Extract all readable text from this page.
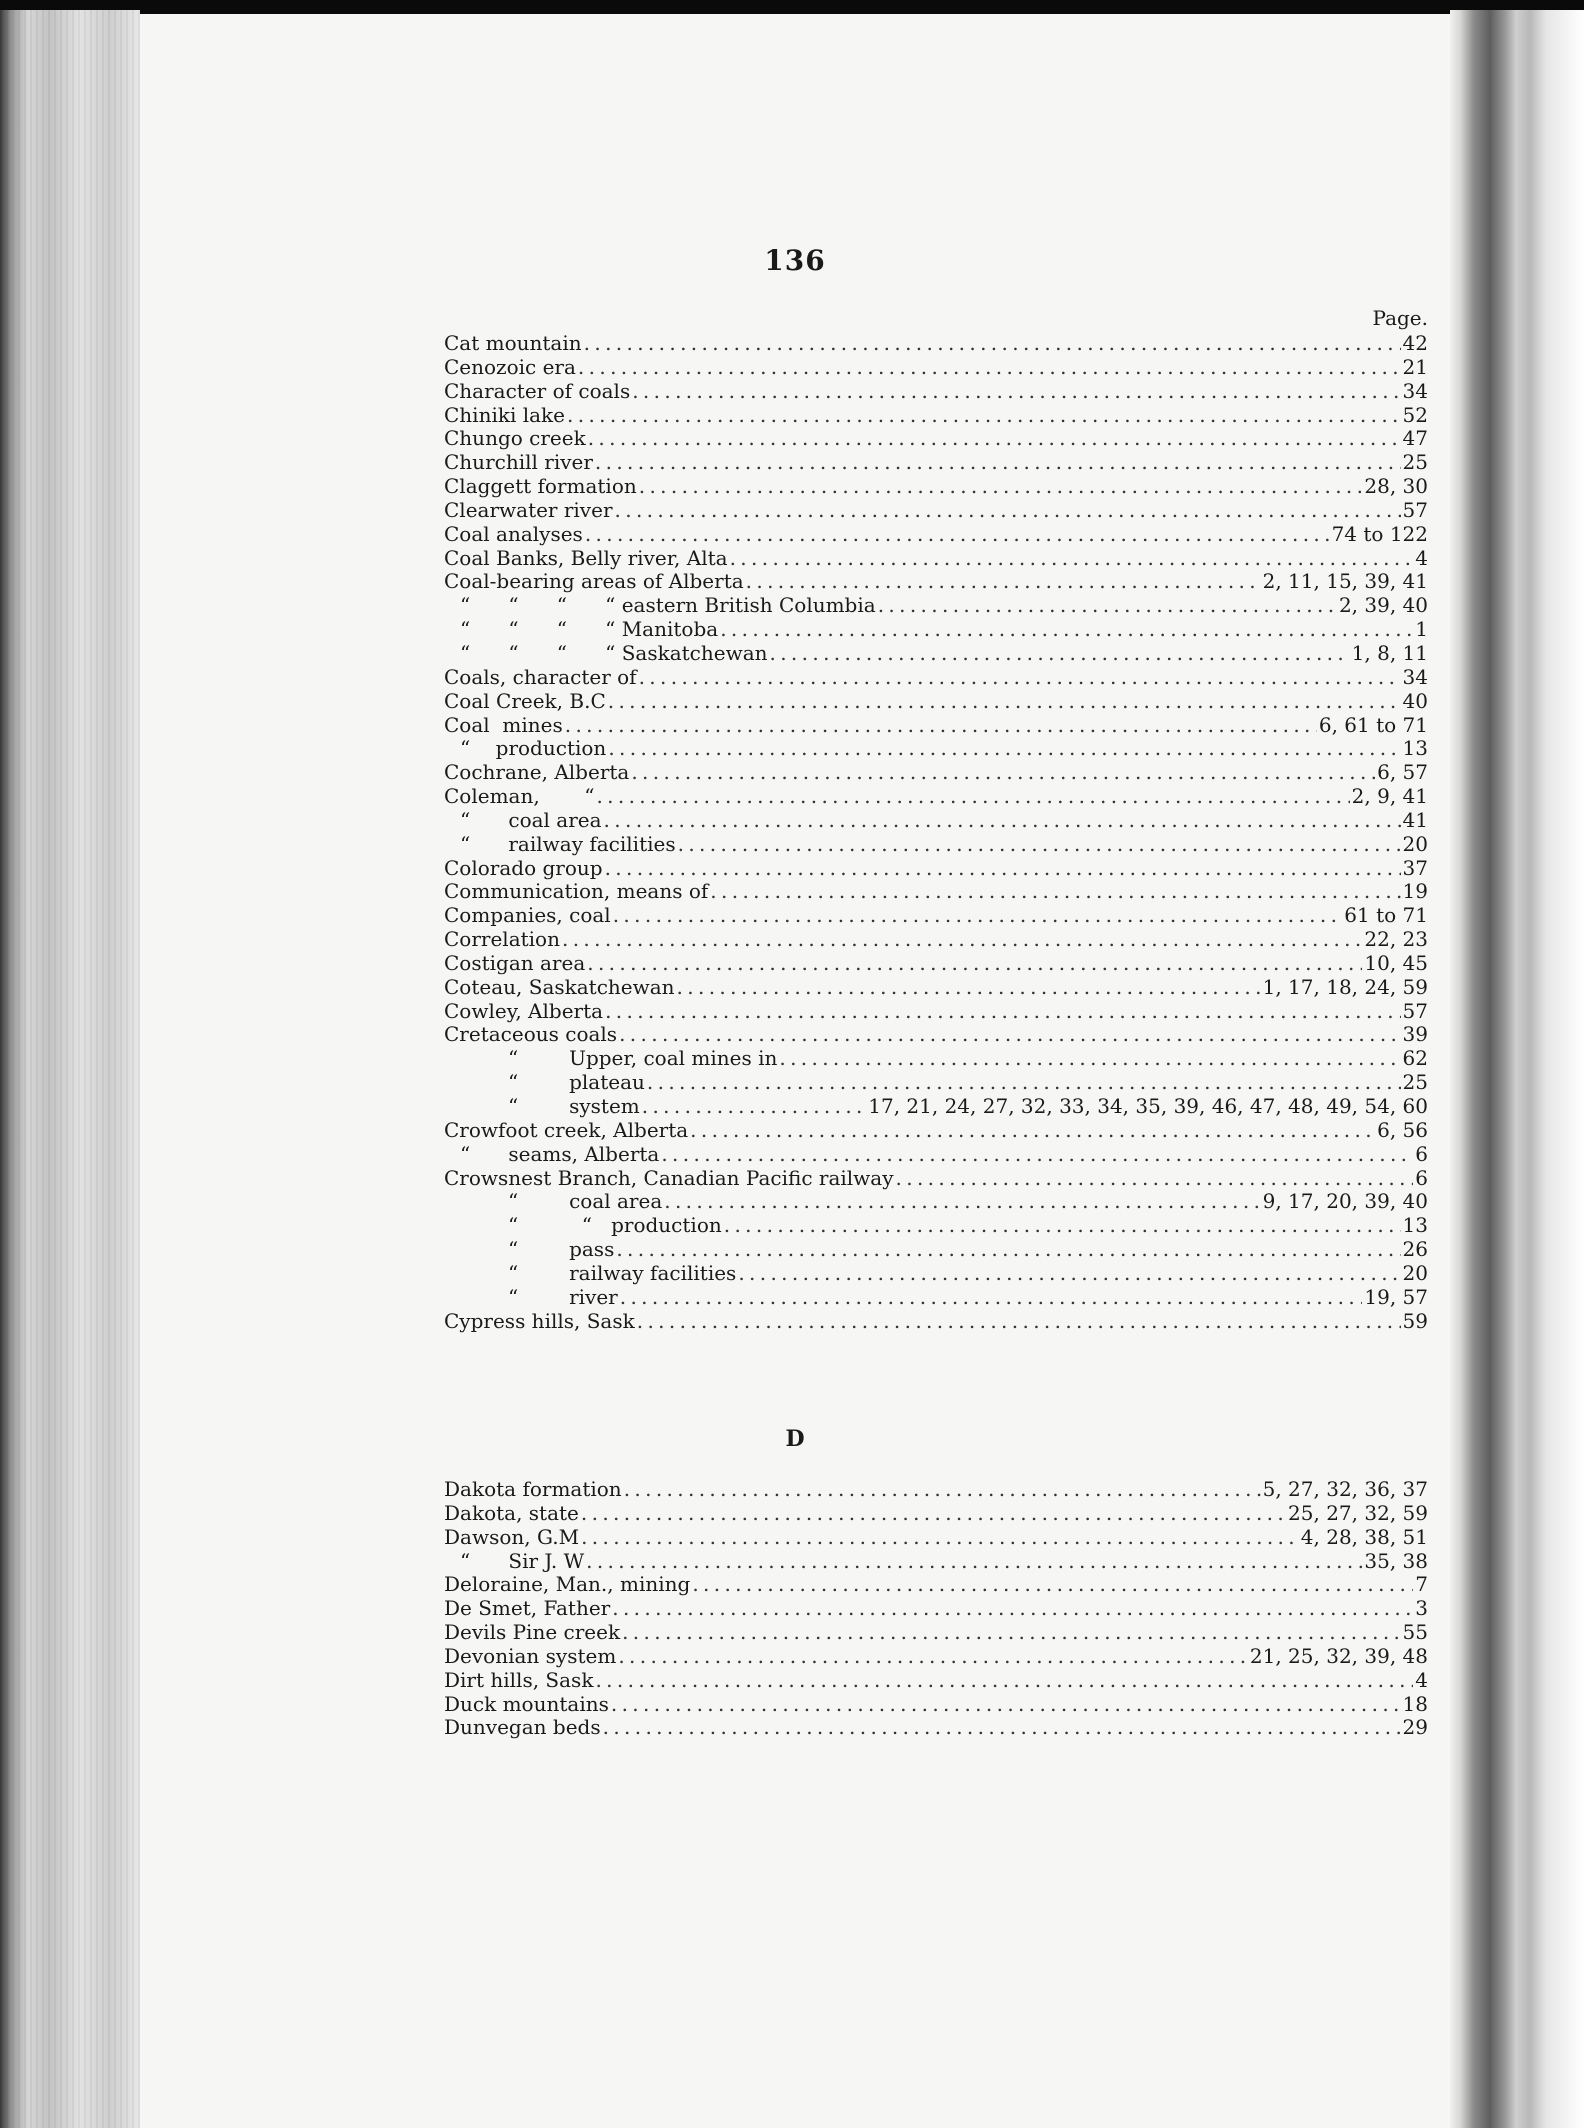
136
Page.
Cat mountain . . .	42
Cenozoic era . . .	21
Character of coals . . .	34
Chiniki lake . . .	52
Chungo creek . . .	47
Churchill river . . .	25
Claggett formation . . .	28, 30
Clearwater river . . .	57
Coal analyses . . .	74 to 122
Coal Banks, Belly river, Alta . . .	4
Coal-bearing areas of Alberta . . .	2, 11, 15, 39, 41
“      “      “      “ eastern British Columbia . . .	2, 39, 40
“      “      “      “ Manitoba . . .	1
“      “      “      “ Saskatchewan . . .	1, 8, 11
Coals, character of . . .	34
Coal Creek, B.C . . .	40
Coal  mines . . .	6, 61 to 71
“    production . . .	13
Cochrane, Alberta . . .	6, 57
Coleman,       “ . . .	2, 9, 41
“      coal area . . .	41
“      railway facilities . . .	20
Colorado group . . .	37
Communication, means of . . .	19
Companies, coal . . .	61 to 71
Correlation . . .	22, 23
Costigan area . . .	10, 45
Coteau, Saskatchewan . . .	1, 17, 18, 24, 59
Cowley, Alberta . . .	57
Cretaceous coals . . .	39
“        Upper, coal mines in . . .	62
“        plateau . . .	25
“        system . . .	17, 21, 24, 27, 32, 33, 34, 35, 39, 46, 47, 48, 49, 54, 60
Crowfoot creek, Alberta . . .	6, 56
“      seams, Alberta . . .	6
Crowsnest Branch, Canadian Pacific railway . . .	6
“        coal area . . .	9, 17, 20, 39, 40
“          “   production . . .	13
“        pass . . .	26
“        railway facilities . . .	20
“        river . . .	19, 57
Cypress hills, Sask . . .	59
D
Dakota formation . . .	5, 27, 32, 36, 37
Dakota, state . . .	25, 27, 32, 59
Dawson, G.M . . .	4, 28, 38, 51
“      Sir J. W . . .	35, 38
Deloraine, Man., mining . . .	7
De Smet, Father . . .	3
Devils Pine creek . . .	55
Devonian system . . .	21, 25, 32, 39, 48
Dirt hills, Sask . . .	4
Duck mountains . . .	18
Dunvegan beds . . .	29
